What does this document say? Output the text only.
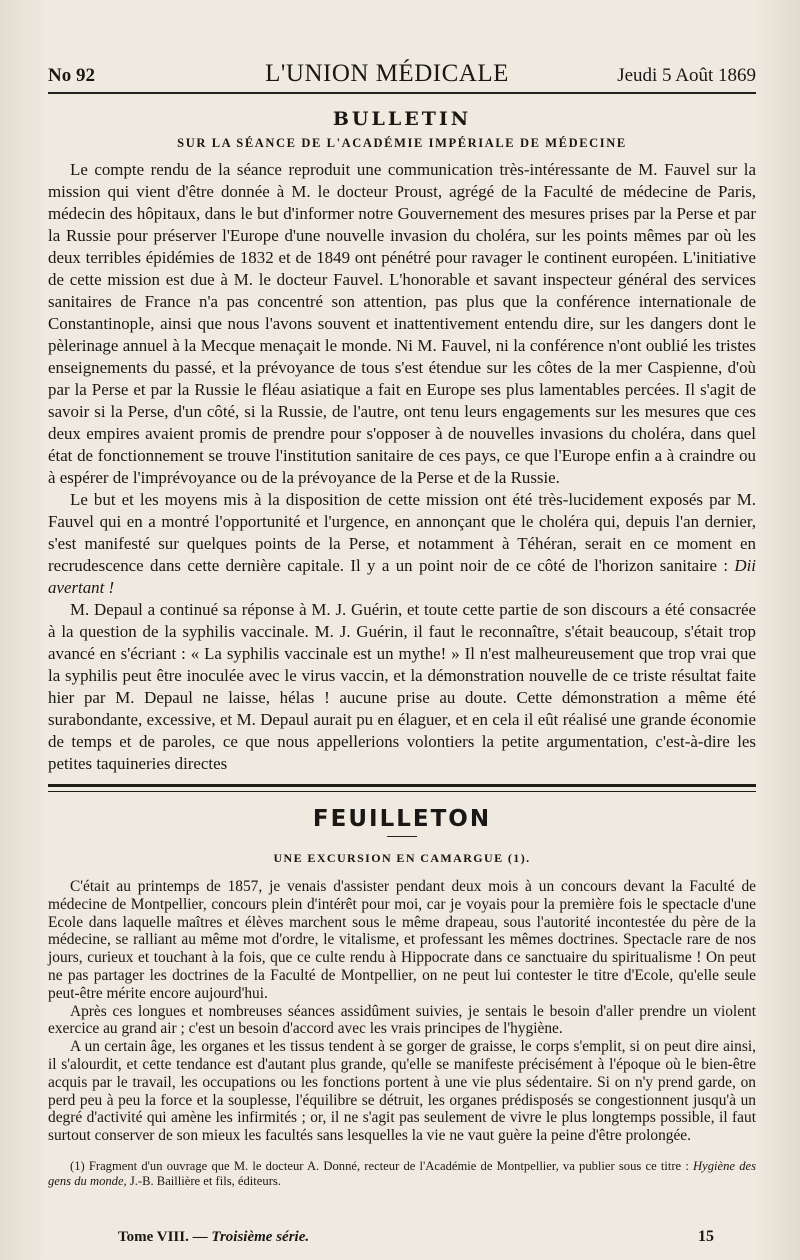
No 92	L'UNION MÉDICALE	Jeudi 5 Août 1869
BULLETIN
SUR LA SÉANCE DE L'ACADÉMIE IMPÉRIALE DE MÉDECINE

Le compte rendu de la séance reproduit une communication très-intéressante de M. Fauvel sur la mission qui vient d'être donnée à M. le docteur Proust, agrégé de la Faculté de médecine de Paris, médecin des hôpitaux, dans le but d'informer notre Gouvernement des mesures prises par la Perse et par la Russie pour préserver l'Europe d'une nouvelle invasion du choléra, sur les points mêmes par où les deux terribles épidémies de 1832 et de 1849 ont pénétré pour ravager le continent européen. L'initiative de cette mission est due à M. le docteur Fauvel. L'honorable et savant inspecteur général des services sanitaires de France n'a pas concentré son attention, pas plus que la conférence internationale de Constantinople, ainsi que nous l'avons souvent et inattentivement entendu dire, sur les dangers dont le pèlerinage annuel à la Mecque menaçait le monde. Ni M. Fauvel, ni la conférence n'ont oublié les tristes enseignements du passé, et la prévoyance de tous s'est étendue sur les côtes de la mer Caspienne, d'où par la Perse et par la Russie le fléau asiatique a fait en Europe ses plus lamentables percées. Il s'agit de savoir si la Perse, d'un côté, si la Russie, de l'autre, ont tenu leurs engagements sur les mesures que ces deux empires avaient promis de prendre pour s'opposer à de nouvelles invasions du choléra, dans quel état de fonctionnement se trouve l'institution sanitaire de ces pays, ce que l'Europe enfin a à craindre ou à espérer de l'imprévoyance ou de la prévoyance de la Perse et de la Russie.

Le but et les moyens mis à la disposition de cette mission ont été très-lucidement exposés par M. Fauvel qui en a montré l'opportunité et l'urgence, en annonçant que le choléra qui, depuis l'an dernier, s'est manifesté sur quelques points de la Perse, et notamment à Téhéran, serait en ce moment en recrudescence dans cette dernière capitale. Il y a un point noir de ce côté de l'horizon sanitaire : Dii avertant !

M. Depaul a continué sa réponse à M. J. Guérin, et toute cette partie de son discours a été consacrée à la question de la syphilis vaccinale. M. J. Guérin, il faut le reconnaître, s'était beaucoup, s'était trop avancé en s'écriant : « La syphilis vaccinale est un mythe! » Il n'est malheureusement que trop vrai que la syphilis peut être inoculée avec le virus vaccin, et la démonstration nouvelle de ce triste résultat faite hier par M. Depaul ne laisse, hélas ! aucune prise au doute. Cette démonstration a même été surabondante, excessive, et M. Depaul aurait pu en élaguer, et en cela il eût réalisé une grande économie de temps et de paroles, ce que nous appellerions volontiers la petite argumentation, c'est-à-dire les petites taquineries directes

FEUILLETON
UNE EXCURSION EN CAMARGUE (1).

C'était au printemps de 1857, je venais d'assister pendant deux mois à un concours devant la Faculté de médecine de Montpellier, concours plein d'intérêt pour moi, car je voyais pour la première fois le spectacle d'une Ecole dans laquelle maîtres et élèves marchent sous le même drapeau, sous l'autorité incontestée du père de la médecine, se ralliant au même mot d'ordre, le vitalisme, et professant les mêmes doctrines. Spectacle rare de nos jours, curieux et touchant à la fois, que ce culte rendu à Hippocrate dans ce sanctuaire du spiritualisme ! On peut ne pas partager les doctrines de la Faculté de Montpellier, on ne peut lui contester le titre d'Ecole, qu'elle seule peut-être mérite encore aujourd'hui.

Après ces longues et nombreuses séances assidûment suivies, je sentais le besoin d'aller prendre un violent exercice au grand air ; c'est un besoin d'accord avec les vrais principes de l'hygiène.

A un certain âge, les organes et les tissus tendent à se gorger de graisse, le corps s'emplit, si on peut dire ainsi, il s'alourdit, et cette tendance est d'autant plus grande, qu'elle se manifeste précisément à l'époque où le bien-être acquis par le travail, les occupations ou les fonctions portent à une vie plus sédentaire. Si on n'y prend garde, on perd peu à peu la force et la souplesse, l'équilibre se détruit, les organes prédisposés se congestionnent jusqu'à un degré d'activité qui amène les infirmités ; or, il ne s'agit pas seulement de vivre le plus longtemps possible, il faut surtout conserver de son mieux les facultés sans lesquelles la vie ne vaut guère la peine d'être prolongée.

(1) Fragment d'un ouvrage que M. le docteur A. Donné, recteur de l'Académie de Montpellier, va publier sous ce titre : Hygiène des gens du monde, J.-B. Baillière et fils, éditeurs.

Tome VIII. — Troisième série.	15
